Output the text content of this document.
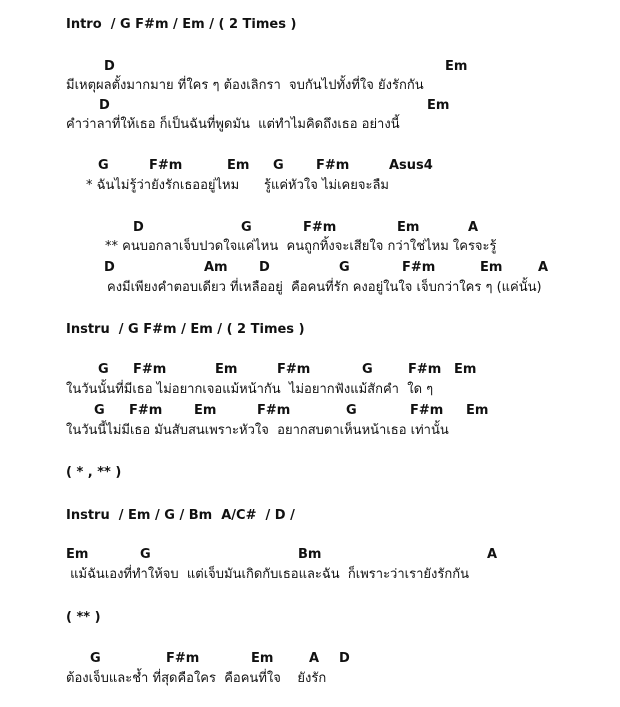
Intro  / G F#m / Em / ( 2 Times )
D	Em
มีเหตุผลตั้งมากมาย ที่ใคร ๆ ต้องเลิกรา  จบกันไปทั้งที่ใจ ยังรักกัน
D	Em
คำว่าลาที่ให้เธอ ก็เป็นฉันที่พูดมัน  แต่ทำไมคิดถึงเธอ อย่างนี้
G	F#m	Em G F#m	Asus4
* ฉันไม่รู้ว่ายังรักเธออยู่ไหม      รู้แค่หัวใจ ไม่เคยจะลืม
D	G	F#m	Em	A
** คนบอกลาเจ็บปวดใจแค่ไหน  คนถูกทิ้งจะเสียใจ กว่าใช่ไหม ใครจะรู้
D	Am D	G	F#m	Em	A
คงมีเพียงคำตอบเดียว ที่เหลืออยู่  คือคนที่รัก คงอยู่ในใจ เจ็บกว่าใคร ๆ (แค่นั้น)
Instru  / G F#m / Em / ( 2 Times )
G F#m	Em	F#m	G	F#m Em
ในวันนั้นที่มีเธอ ไม่อยากเจอแม้หน้ากัน  ไม่อยากฟังแม้สักคำ  ใด ๆ
G F#m Em	F#m	G	F#m Em
ในวันนี้ไม่มีเธอ มันสับสนเพราะหัวใจ  อยากสบตาเห็นหน้าเธอ เท่านั้น
( * , ** )
Instru  / Em / G / Bm  A/C#  / D /
Em	G	Bm	A
แม้ฉันเองที่ทำให้จบ  แต่เจ็บมันเกิดกับเธอและฉัน  ก็เพราะว่าเรายังรักกัน
( ** )
G	F#m	Em	A D
ต้องเจ็บและช้ำ ที่สุดคือใคร  คือคนที่ใจ    ยังรัก
